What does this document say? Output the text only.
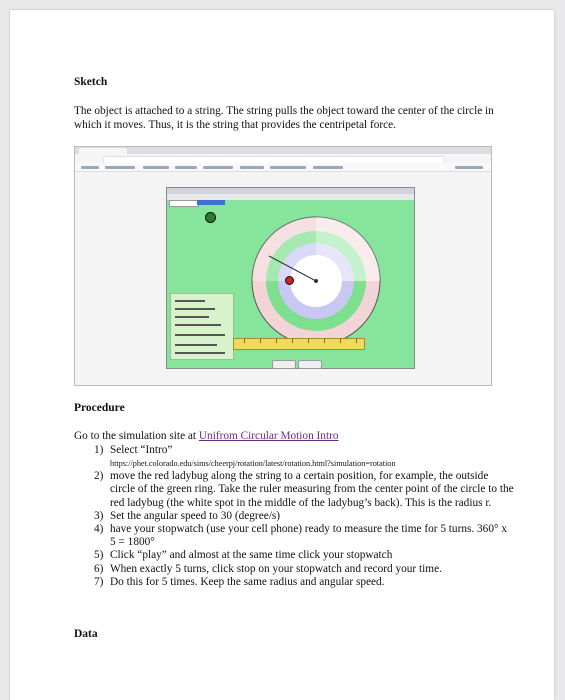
Sketch
The object is attached to a string. The string pulls the object toward the center of the circle in which it moves. Thus, it is the string that provides the centripetal force.
Procedure
Go to the simulation site at Unifrom Circular Motion Intro
1) Select “Intro”
https://phet.colorado.edu/sims/cheerpj/rotation/latest/rotation.html?simulation=rotation
2) move the red ladybug along the string to a certain position, for example, the outside circle of the green ring. Take the ruler measuring from the center point of the circle to the red ladybug (the white spot in the middle of the ladybug’s back). This is the radius r.
3) Set the angular speed to 30 (degree/s)
4) have your stopwatch (use your cell phone) ready to measure the time for 5 turns. 360° x 5 = 1800°
5) Click “play” and almost at the same time click your stopwatch
6) When exactly 5 turns, click stop on your stopwatch and record your time.
7) Do this for 5 times. Keep the same radius and angular speed.
Data
